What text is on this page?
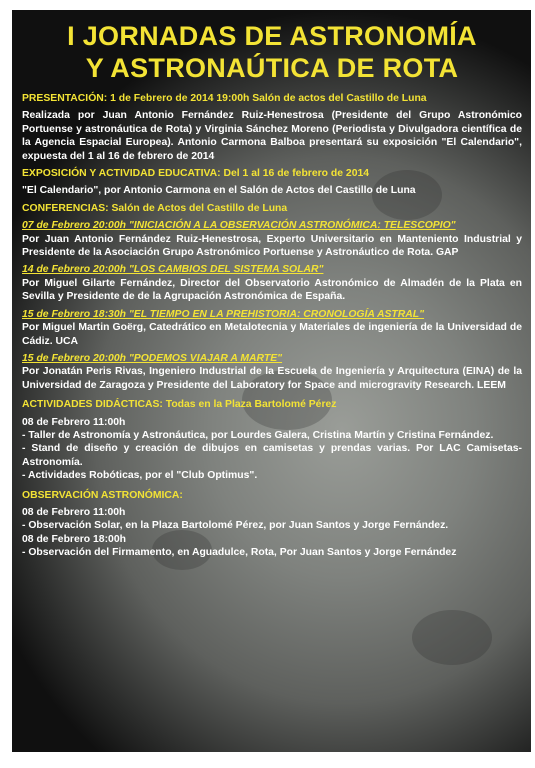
I JORNADAS DE ASTRONOMÍA
Y ASTRONAÚTICA DE ROTA
PRESENTACIÓN: 1 de Febrero de 2014 19:00h Salón de actos del Castillo de Luna
Realizada por Juan Antonio Fernández Ruiz-Henestrosa (Presidente del Grupo Astronómico Portuense y astronáutica de Rota) y Virginia Sánchez Moreno (Periodista y Divulgadora científica de la Agencia Espacial Europea). Antonio Carmona Balboa presentará su exposición "El Calendario", expuesta del 1 al 16 de febrero de 2014
EXPOSICIÓN Y ACTIVIDAD EDUCATIVA: Del 1 al 16 de febrero de 2014
"El Calendario", por Antonio Carmona en el Salón de Actos del Castillo de Luna
CONFERENCIAS: Salón de Actos del Castillo de Luna
07 de Febrero 20:00h "INICIACIÓN A LA OBSERVACIÓN ASTRONÓMICA: TELESCOPIO"
Por Juan Antonio Fernández Ruiz-Henestrosa, Experto Universitario en Manteniento Industrial y Presidente de la Asociación Grupo Astronómico Portuense y Astronáutico de Rota. GAP
14 de Febrero 20:00h "LOS CAMBIOS DEL SISTEMA SOLAR"
Por Miguel Gilarte Fernández, Director del Observatorio Astronómico de Almadén de la Plata en Sevilla y Presidente de de la Agrupación Astronómica de España.
15 de Febrero 18:30h "EL TIEMPO EN LA PREHISTORIA: CRONOLOGÍA ASTRAL"
Por Miguel Martin Goërg, Catedrático en Metalotecnia y Materiales de ingeniería de la Universidad de Cádiz. UCA
15 de Febrero 20:00h "PODEMOS VIAJAR A MARTE"
Por Jonatán Peris Rivas, Ingeniero Industrial de la Escuela de Ingeniería y Arquitectura (EINA) de la Universidad de Zaragoza y Presidente del Laboratory for Space and microgravity Research. LEEM
ACTIVIDADES DIDÁCTICAS: Todas en la Plaza Bartolomé Pérez
08 de Febrero 11:00h
- Taller de Astronomía y Astronáutica, por Lourdes Galera, Cristina Martín y Cristina Fernández.
- Stand de diseño y creación de dibujos en camisetas y prendas varias. Por LAC Camisetas-Astronomía.
- Actividades Robóticas, por el "Club Optimus".
OBSERVACIÓN ASTRONÓMICA:
08 de Febrero 11:00h
- Observación Solar, en la Plaza Bartolomé Pérez, por Juan Santos y Jorge Fernández.
08 de Febrero 18:00h
- Observación del Firmamento, en Aguadulce, Rota, Por Juan Santos y Jorge Fernández
